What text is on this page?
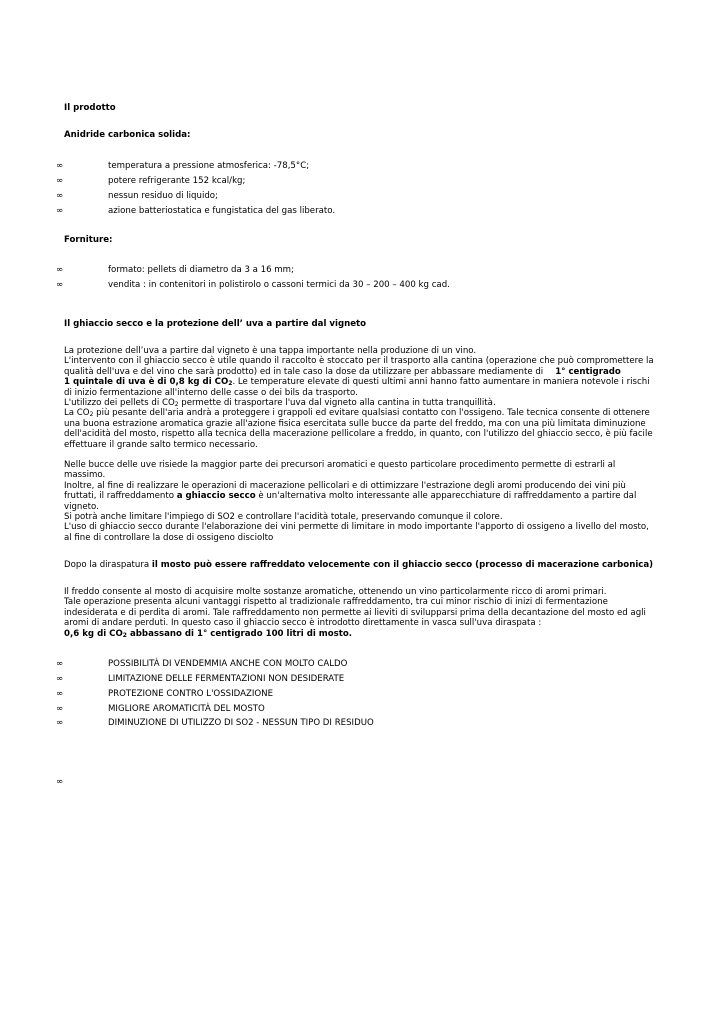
Il prodotto
Anidride carbonica solida:
∞	temperatura a pressione atmosferica: -78,5°C;
∞	potere refrigerante 152 kcal/kg;
∞	nessun residuo di liquido;
∞	azione batteriostatica e fungistatica del gas liberato.
Forniture:
∞	formato: pellets di diametro da 3 a 16 mm;
∞	vendita : in contenitori in polistirolo o cassoni termici da 30 – 200 – 400 kg cad.
Il ghiaccio secco e la protezione dell’ uva a partire dal vigneto
La protezione dell’uva a partire dal vigneto è una tappa importante nella produzione di un vino.
L'intervento con il ghiaccio secco è utile quando il raccolto è stoccato per il trasporto alla cantina (operazione che può compromettere la
qualità dell'uva e del vino che sarà prodotto) ed in tale caso la dose da utilizzare per abbassare mediamente di 1° centigrado
1 quintale di uva è di 0,8 kg di $CO_2$. Le temperature elevate di questi ultimi anni hanno fatto aumentare in maniera notevole i rischi
di inizio fermentazione all'interno delle casse o dei bils da trasporto.
L'utilizzo dei pellets di $CO_2$ permette di trasportare l'uva dal vigneto alla cantina in tutta tranquillità.
La $CO_2$ più pesante dell'aria andrà a proteggere i grappoli ed evitare qualsiasi contatto con l'ossigeno. Tale tecnica consente di ottenere
una buona estrazione aromatica grazie all'azione fisica esercitata sulle bucce da parte del freddo, ma con una più limitata diminuzione
dell'acidità del mosto, rispetto alla tecnica della macerazione pellicolare a freddo, in quanto, con l'utilizzo del ghiaccio secco, è più facile
effettuare il grande salto termico necessario.
Nelle bucce delle uve risiede la maggior parte dei precursori aromatici e questo particolare procedimento permette di estrarli al
massimo.
Inoltre, al fine di realizzare le operazioni di macerazione pellicolari e di ottimizzare l'estrazione degli aromi producendo dei vini più
fruttati, il raffreddamento a ghiaccio secco è un'alternativa molto interessante alle apparecchiature di raffreddamento a partire dal
vigneto.
Si potrà anche limitare l'impiego di SO2 e controllare l'acidità totale, preservando comunque il colore.
L'uso di ghiaccio secco durante l'elaborazione dei vini permette di limitare in modo importante l'apporto di ossigeno a livello del mosto,
al fine di controllare la dose di ossigeno disciolto
Dopo la diraspatura il mosto può essere raffreddato velocemente con il ghiaccio secco (processo di macerazione carbonica)
Il freddo consente al mosto di acquisire molte sostanze aromatiche, ottenendo un vino particolarmente ricco di aromi primari.
Tale operazione presenta alcuni vantaggi rispetto al tradizionale raffreddamento, tra cui minor rischio di inizi di fermentazione
indesiderata e di perdita di aromi. Tale raffreddamento non permette ai lieviti di svilupparsi prima della decantazione del mosto ed agli
aromi di andare perduti. In questo caso il ghiaccio secco è introdotto direttamente in vasca sull'uva diraspata :
0,6 kg di $CO_2$ abbassano di 1° centigrado 100 litri di mosto.
∞	POSSIBILITÀ DI VENDEMMIA ANCHE CON MOLTO CALDO
∞	LIMITAZIONE DELLE FERMENTAZIONI NON DESIDERATE
∞	PROTEZIONE CONTRO L'OSSIDAZIONE
∞	MIGLIORE AROMATICITÀ DEL MOSTO
∞	DIMINUZIONE DI UTILIZZO DI SO2 - NESSUN TIPO DI RESIDUO
∞
